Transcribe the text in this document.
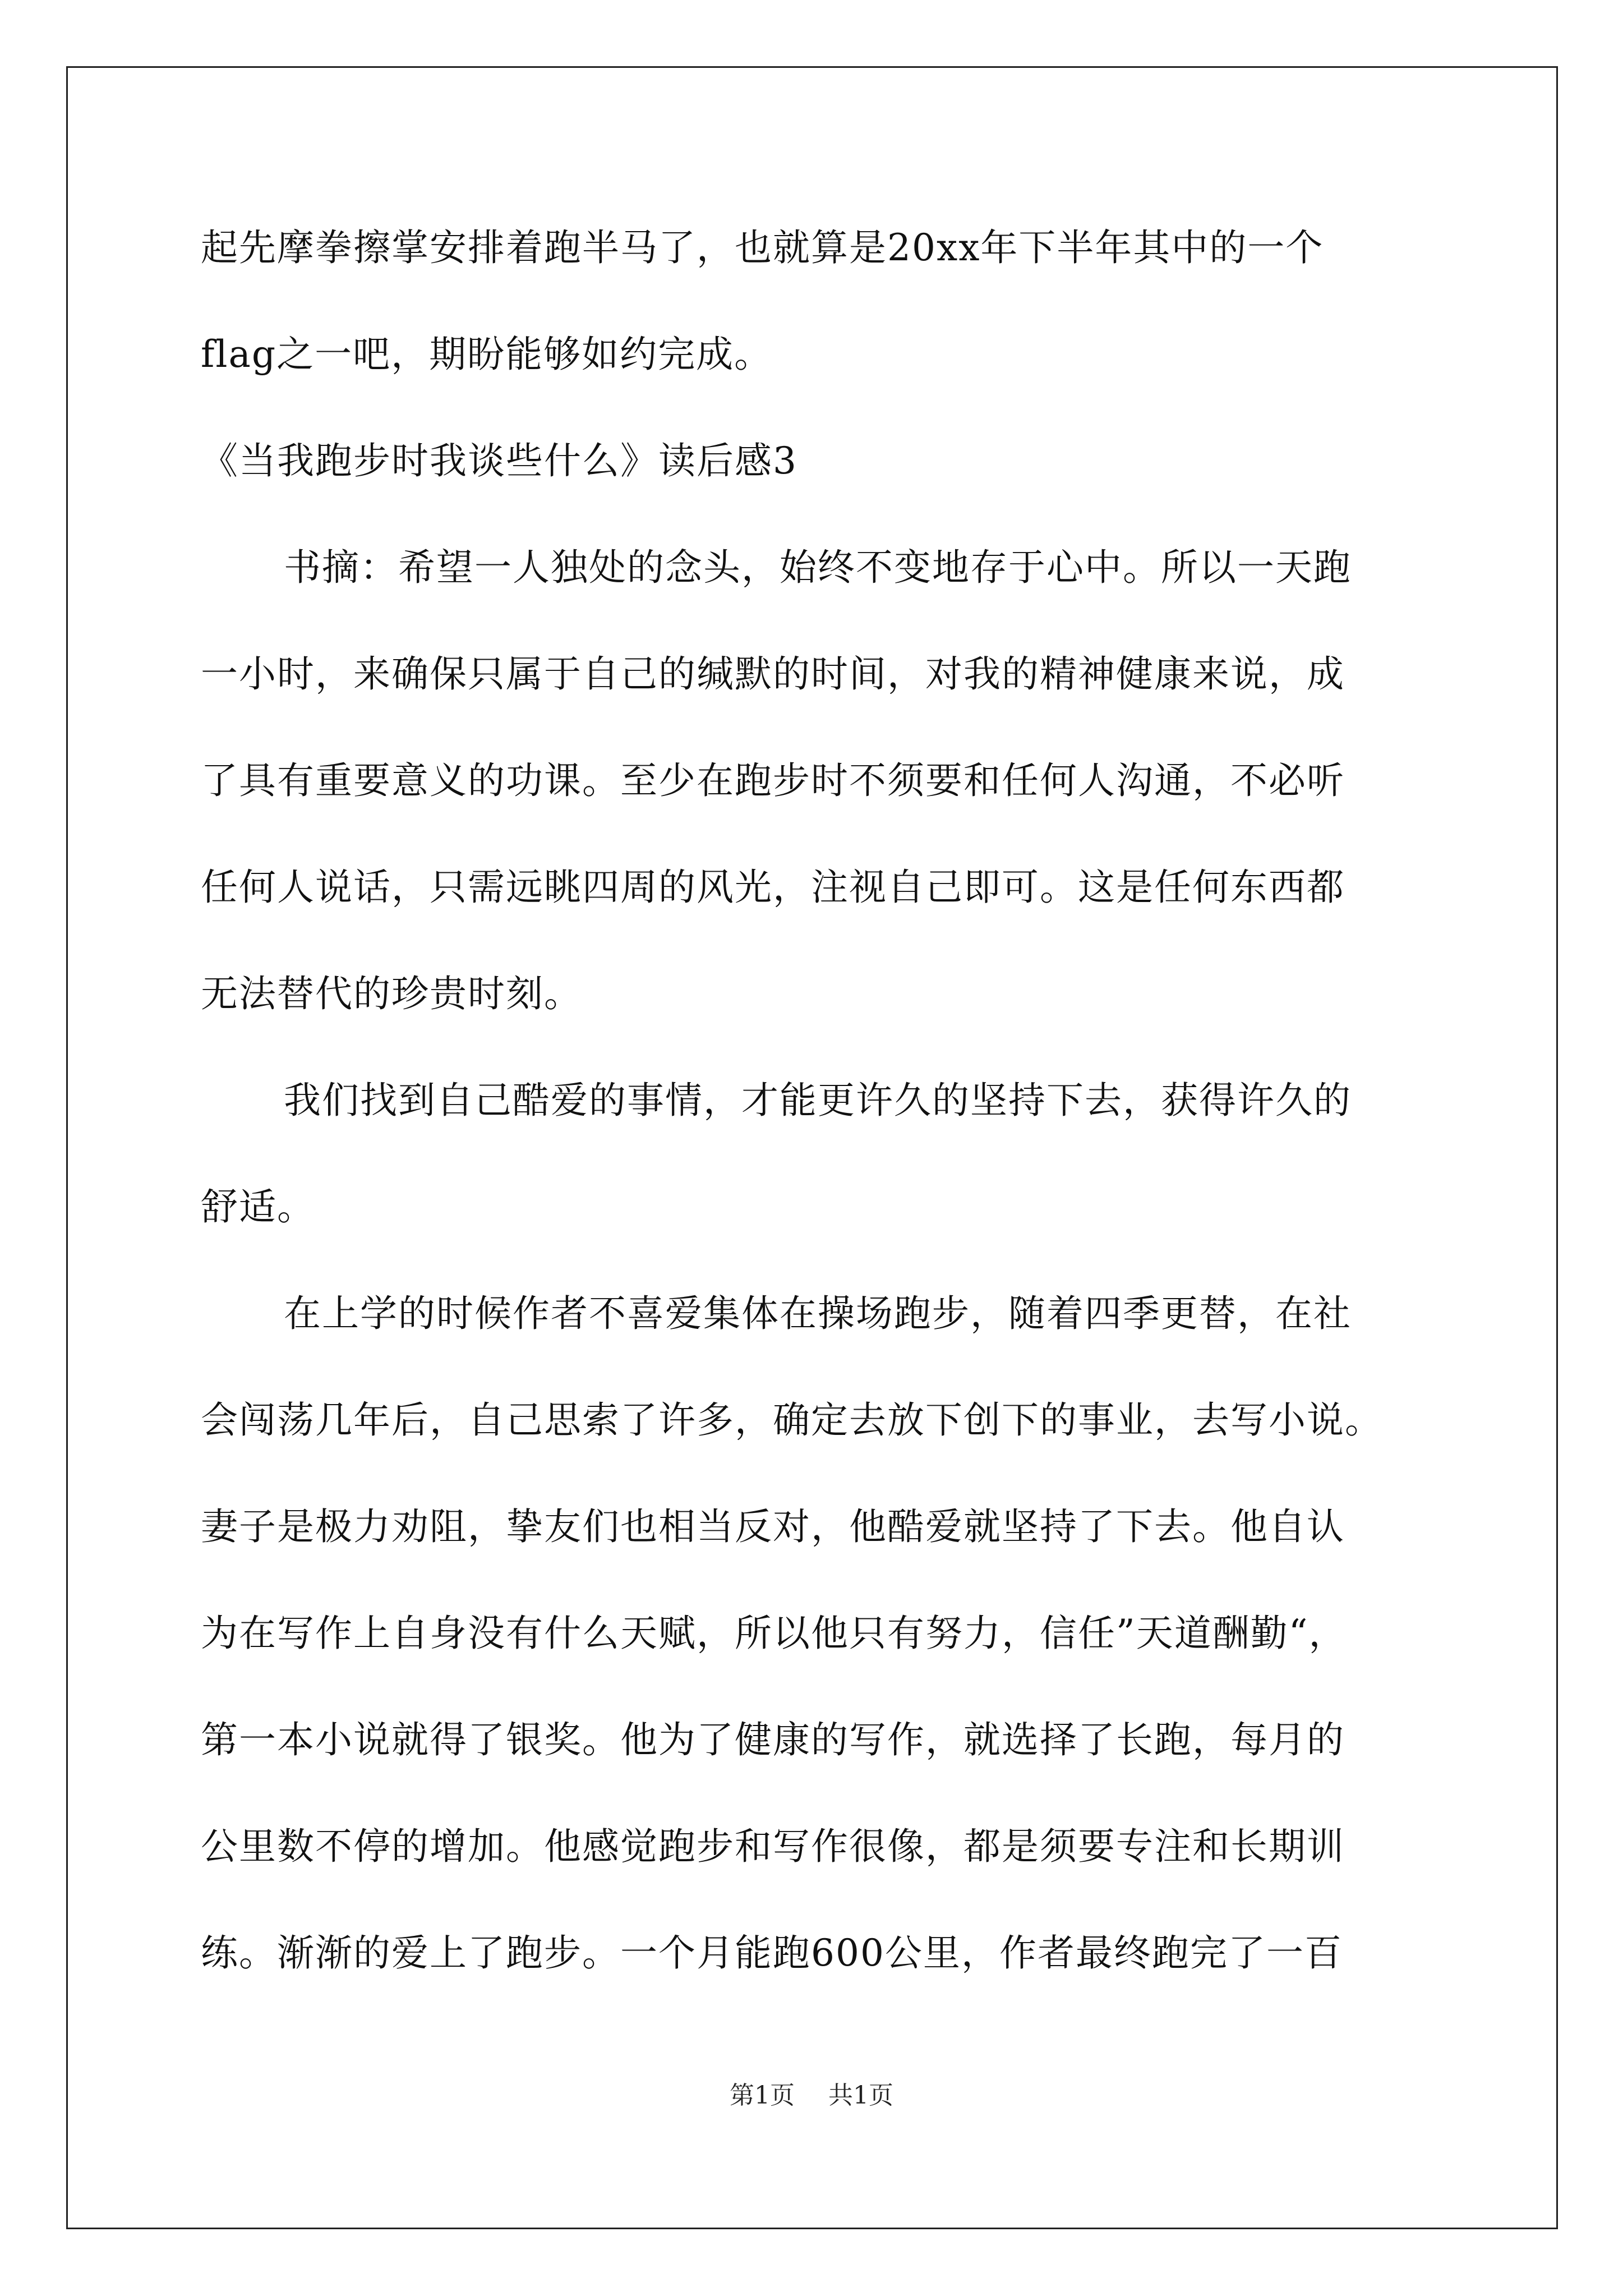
起先摩拳擦掌安排着跑半马了，也就算是20xx年下半年其中的一个
flag之一吧，期盼能够如约完成。
《当我跑步时我谈些什么》读后感3
书摘：希望一人独处的念头，始终不变地存于心中。所以一天跑
一小时，来确保只属于自己的缄默的时间，对我的精神健康来说，成
了具有重要意义的功课。至少在跑步时不须要和任何人沟通，不必听
任何人说话，只需远眺四周的风光，注视自己即可。这是任何东西都
无法替代的珍贵时刻。
我们找到自己酷爱的事情，才能更许久的坚持下去，获得许久的
舒适。
在上学的时候作者不喜爱集体在操场跑步，随着四季更替，在社
会闯荡几年后，自己思索了许多，确定去放下创下的事业，去写小说。
妻子是极力劝阻，挚友们也相当反对，他酷爱就坚持了下去。他自认
为在写作上自身没有什么天赋，所以他只有努力，信任”天道酬勤“，
第一本小说就得了银奖。他为了健康的写作，就选择了长跑，每月的
公里数不停的增加。他感觉跑步和写作很像，都是须要专注和长期训
练。渐渐的爱上了跑步。一个月能跑600公里，作者最终跑完了一百
第1页 共1页
